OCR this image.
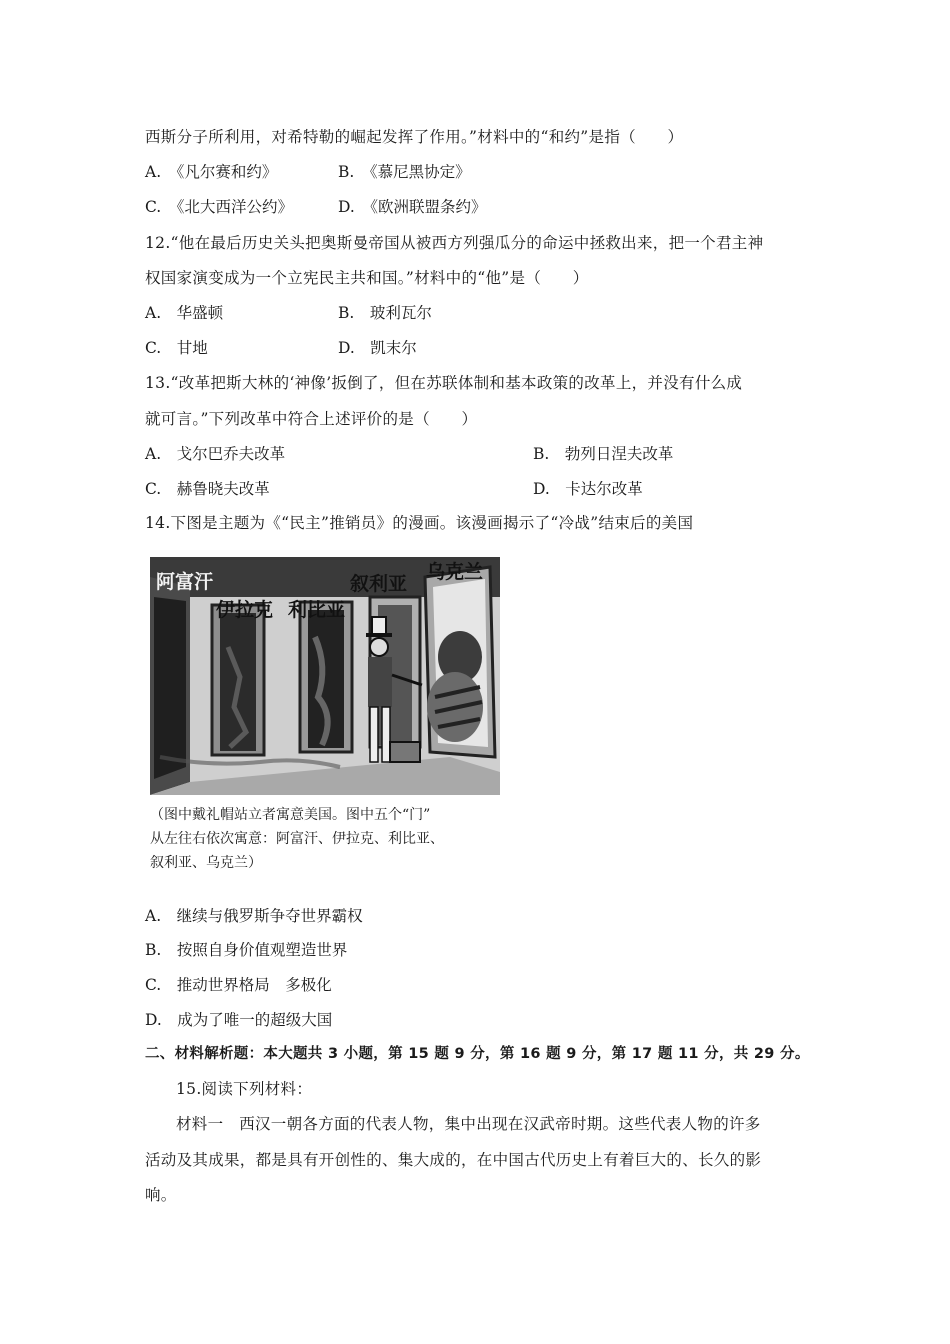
西斯分子所利用，对希特勒的崛起发挥了作用。”材料中的“和约”是指（　　）
A.　《凡尔赛和约》	B.　《慕尼黑协定》
C.　《北大西洋公约》	D.　《欧洲联盟条约》
12.“他在最后历史关头把奥斯曼帝国从被西方列强瓜分的命运中拯救出来，把一个君主神
权国家演变成为一个立宪民主共和国。”材料中的“他”是（　　）
A.　华盛顿	B.　玻利瓦尔
C.　甘地	D.　凯末尔
13.“改革把斯大林的‘神像’扳倒了，但在苏联体制和基本政策的改革上，并没有什么成
就可言。”下列改革中符合上述评价的是（　　）
A.　戈尔巴乔夫改革	B.　勃列日涅夫改革
C.　赫鲁晓夫改革	D.　卡达尔改革
14.下图是主题为《“民主”推销员》的漫画。该漫画揭示了“冷战”结束后的美国
阿富汗
伊拉克 利比亚
叙利亚
乌克兰
（图中戴礼帽站立者寓意美国。图中五个“门”
从左往右依次寓意：阿富汗、伊拉克、利比亚、
叙利亚、乌克兰）
A.　继续与俄罗斯争夺世界霸权
B.　按照自身价值观塑造世界
C.　推动世界格局　多极化
D.　成为了唯一的超级大国
二、材料解析题：本大题共 3 小题，第 15 题 9 分，第 16 题 9 分，第 17 题 11 分，共 29 分。
15.阅读下列材料：
材料一　西汉一朝各方面的代表人物，集中出现在汉武帝时期。这些代表人物的许多
活动及其成果，都是具有开创性的、集大成的，在中国古代历史上有着巨大的、长久的影
响。
